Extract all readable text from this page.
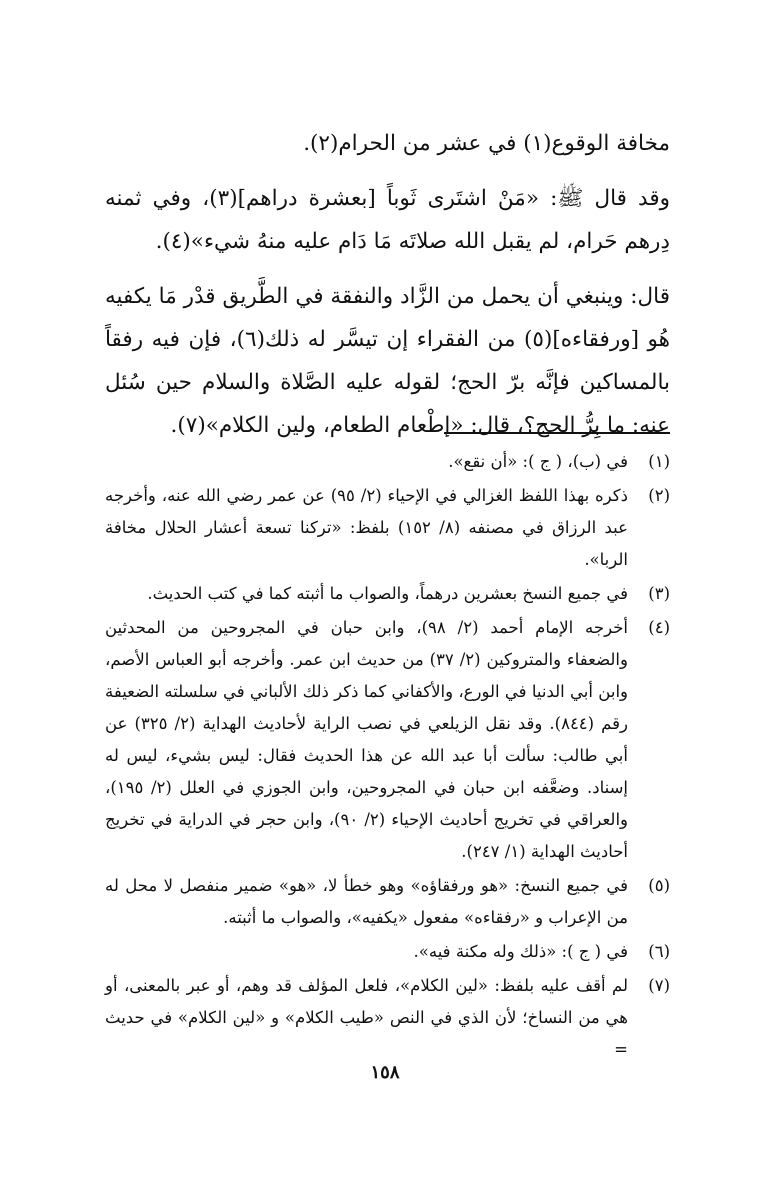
مخافة الوقوع(١) في عشر من الحرام(٢).

وقد قال ﷺ: «مَنْ اشتَرى ثَوباً [بعشرة دراهم](٣)، وفي ثمنه دِرهم حَرام، لم يقبل الله صلاتَه مَا دَام عليه منهُ شيء»(٤).

قال: وينبغي أن يحمل من الزَّاد والنفقة في الطَّريق قدْر مَا يكفيه هُو [ورفقاءه](٥) من الفقراء إن تيسَّر له ذلك(٦)، فإن فيه رفقاً بالمساكين فإنَّه برّ الحج؛ لقوله عليه الصَّلاة والسلام حين سُئل عنه: ما بِرُّ الحج؟، قال: «إطْعام الطعام، ولين الكلام»(٧).

(١)
في (ب)، ( ج ): «أن نقع».
(٢)
ذكره بهذا اللفظ الغزالي في الإحياء (٢/ ٩٥) عن عمر رضي الله عنه، وأخرجه عبد الرزاق في مصنفه (٨/ ١٥٢) بلفظ: «تركنا تسعة أعشار الحلال مخافة الربا».
(٣)
في جميع النسخ بعشرين درهماً، والصواب ما أثبته كما في كتب الحديث.
(٤)
أخرجه الإمام أحمد (٢/ ٩٨)، وابن حبان في المجروحين من المحدثين والضعفاء والمتروكين (٢/ ٣٧) من حديث ابن عمر. وأخرجه أبو العباس الأصم، وابن أبي الدنيا في الورع، والأكفاني كما ذكر ذلك الألباني في سلسلته الضعيفة رقم (٨٤٤). وقد نقل الزيلعي في نصب الراية لأحاديث الهداية (٢/ ٣٢٥) عن أبي طالب: سألت أبا عبد الله عن هذا الحديث فقال: ليس بشيء، ليس له إسناد. وضعَّفه ابن حبان في المجروحين، وابن الجوزي في العلل (٢/ ١٩٥)، والعراقي في تخريج أحاديث الإحياء (٢/ ٩٠)، وابن حجر في الدراية في تخريج أحاديث الهداية (١/ ٢٤٧).
(٥)
في جميع النسخ: «هو ورفقاؤه» وهو خطأ لا، «هو» ضمير منفصل لا محل له من الإعراب و «رفقاءه» مفعول «يكفيه»، والصواب ما أثبته.
(٦)
في ( ج ): «ذلك وله مكنة فيه».
(٧)
لم أقف عليه بلفظ: «لين الكلام»، فلعل المؤلف قد وهم، أو عبر بالمعنى، أو هي من النساخ؛ لأن الذي في النص «طيب الكلام» و «لين الكلام» في حديث =
١٥٨
